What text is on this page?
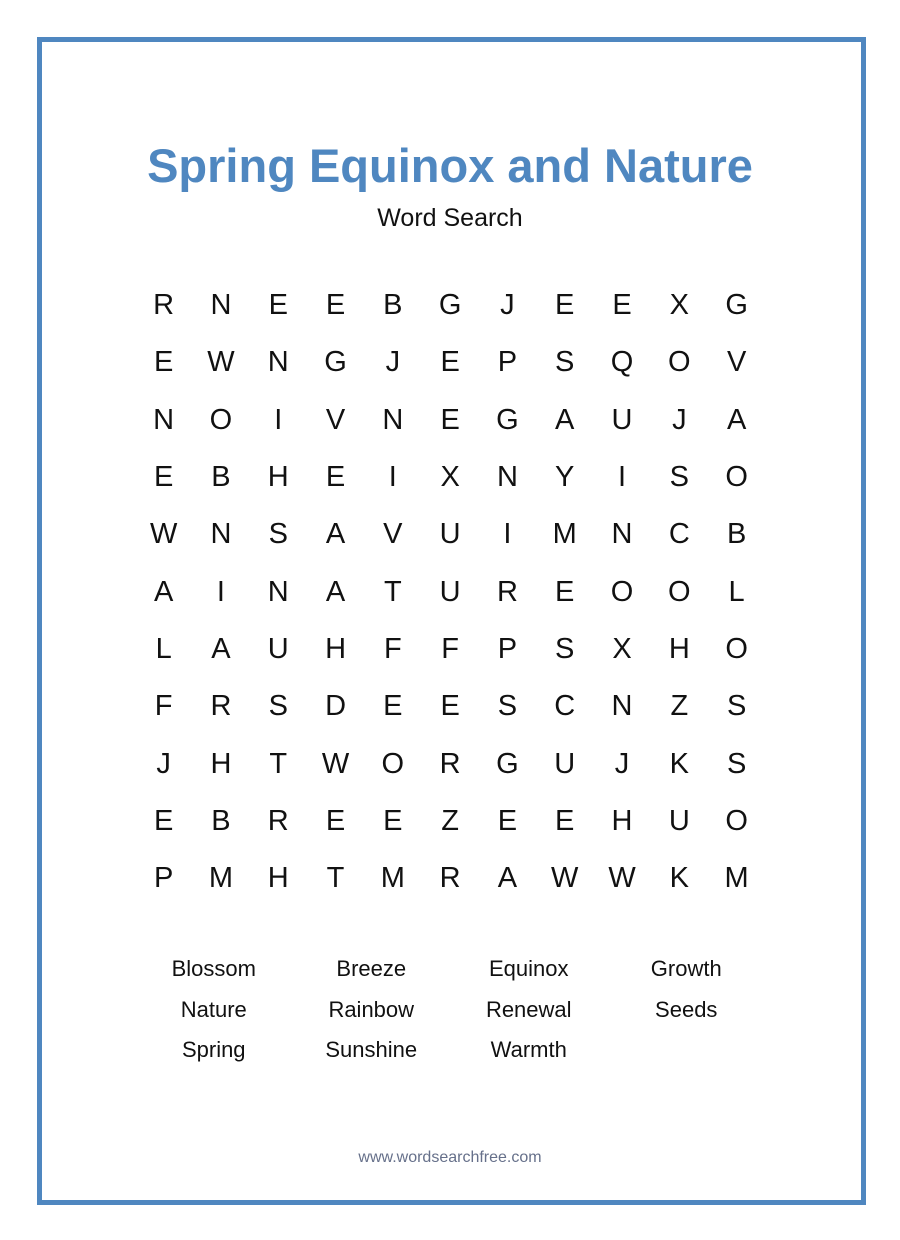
Spring Equinox and Nature
Word Search
R	N	E	E	B	G	J	E	E	X	G
E	W	N	G	J	E	P	S	Q	O	V
N	O	I	V	N	E	G	A	U	J	A
E	B	H	E	I	X	N	Y	I	S	O
W	N	S	A	V	U	I	M	N	C	B
A	I	N	A	T	U	R	E	O	O	L
L	A	U	H	F	F	P	S	X	H	O
F	R	S	D	E	E	S	C	N	Z	S
J	H	T	W	O	R	G	U	J	K	S
E	B	R	E	E	Z	E	E	H	U	O
P	M	H	T	M	R	A	W	W	K	M
Blossom	Breeze	Equinox	Growth
Nature	Rainbow	Renewal	Seeds
Spring	Sunshine	Warmth
www.wordsearchfree.com
